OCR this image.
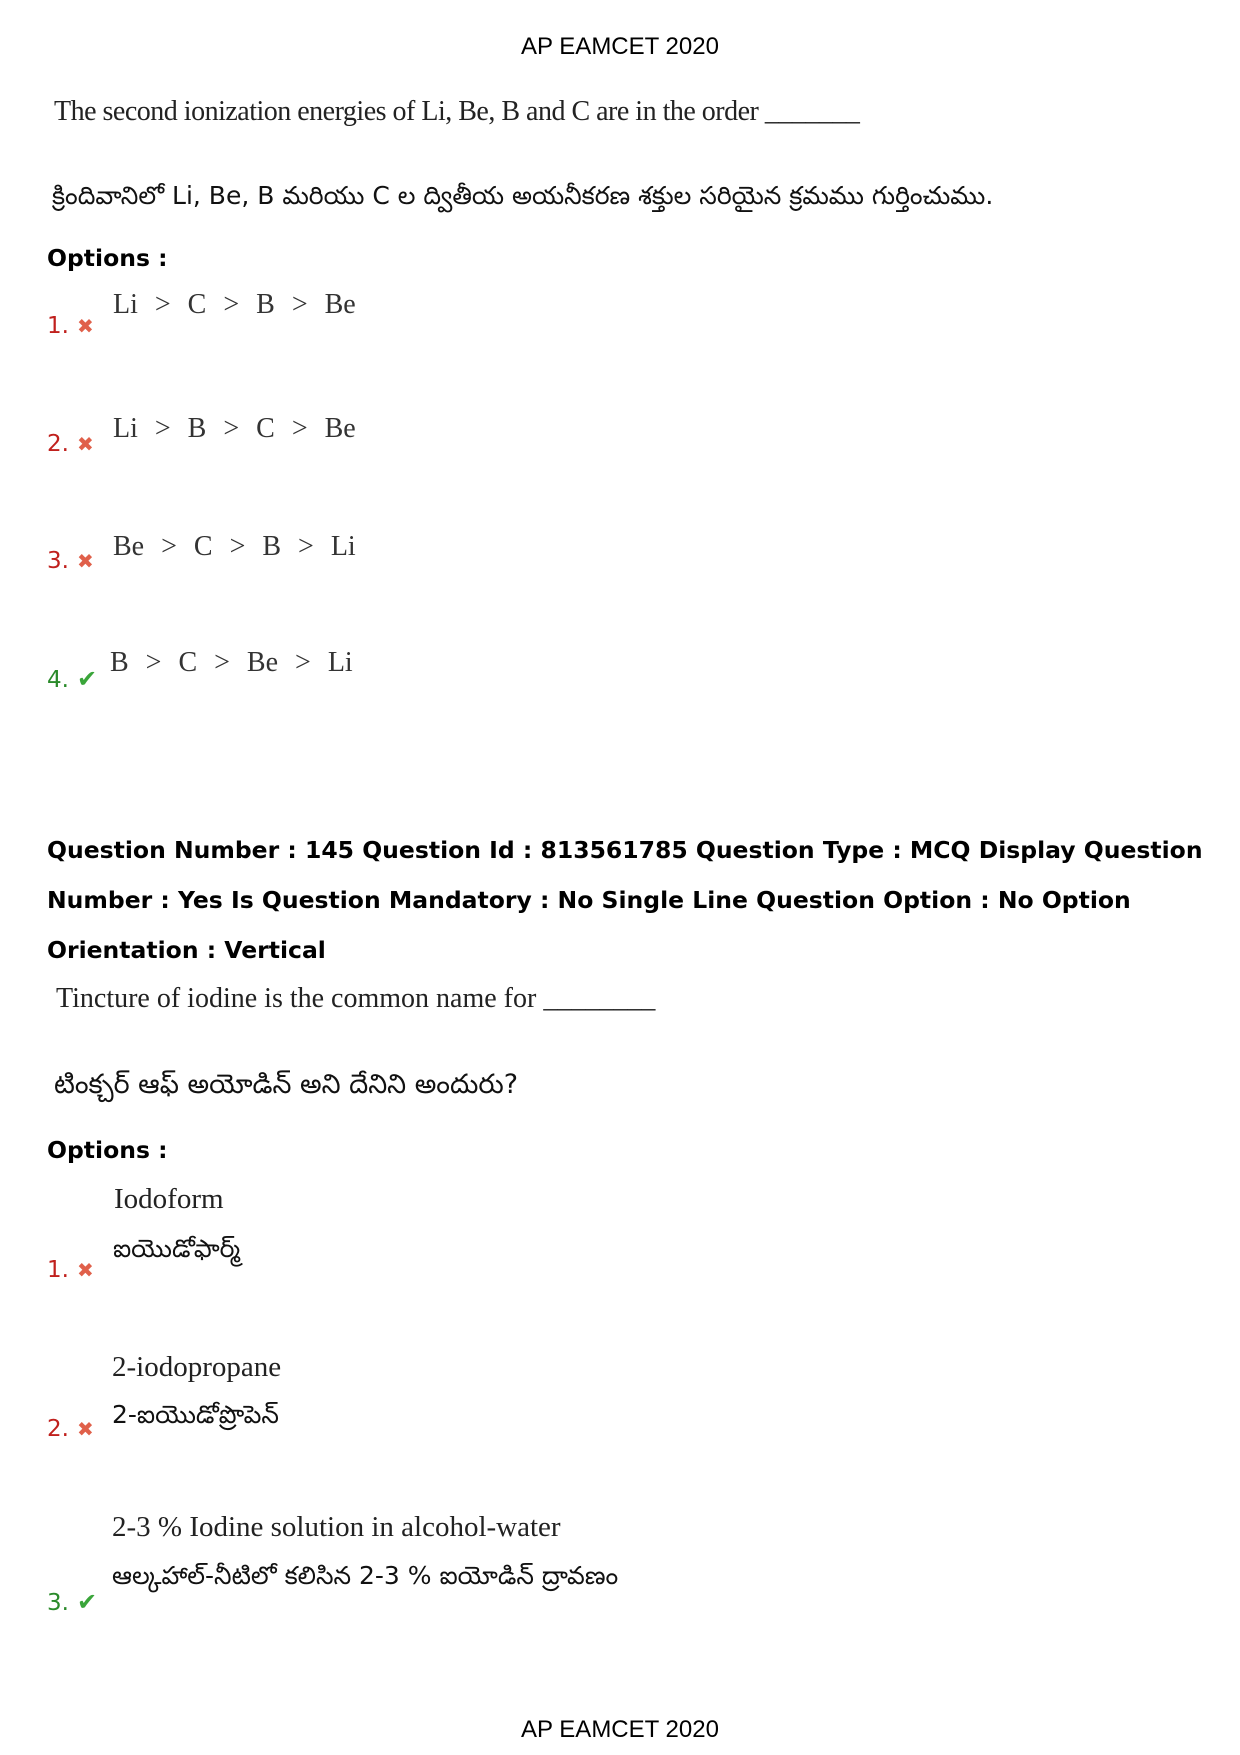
AP EAMCET 2020
The second ionization energies of Li, Be, B and C are in the order _______
క్రిందివానిలో Li, Be, B మరియు C ల ద్వితీయ అయనీకరణ శక్తుల సరియైన క్రమము గుర్తించుము.
Options :
1. ✖
Li > C > B > Be
2. ✖ Li > B > C > Be
3. ✖ Be > C > B > Li
4. ✔
B > C > Be > Li
Question Number : 145 Question Id : 813561785 Question Type : MCQ Display Question
Number : Yes Is Question Mandatory : No Single Line Question Option : No Option
Orientation : Vertical
Tincture of iodine is the common name for ________
టింక్చర్ ఆఫ్ అయోడిన్ అని దేనిని అందురు?
Options :
1. ✖
Iodoform
ఐయొడోఫార్మ్
2. ✖
2-iodopropane
2-ఐయొడోప్రొపెన్
3. ✔
2-3 % Iodine solution in alcohol-water
ఆల్కహాల్-నీటిలో కలిసిన 2-3 % ఐయోడిన్ ద్రావణం
AP EAMCET 2020
